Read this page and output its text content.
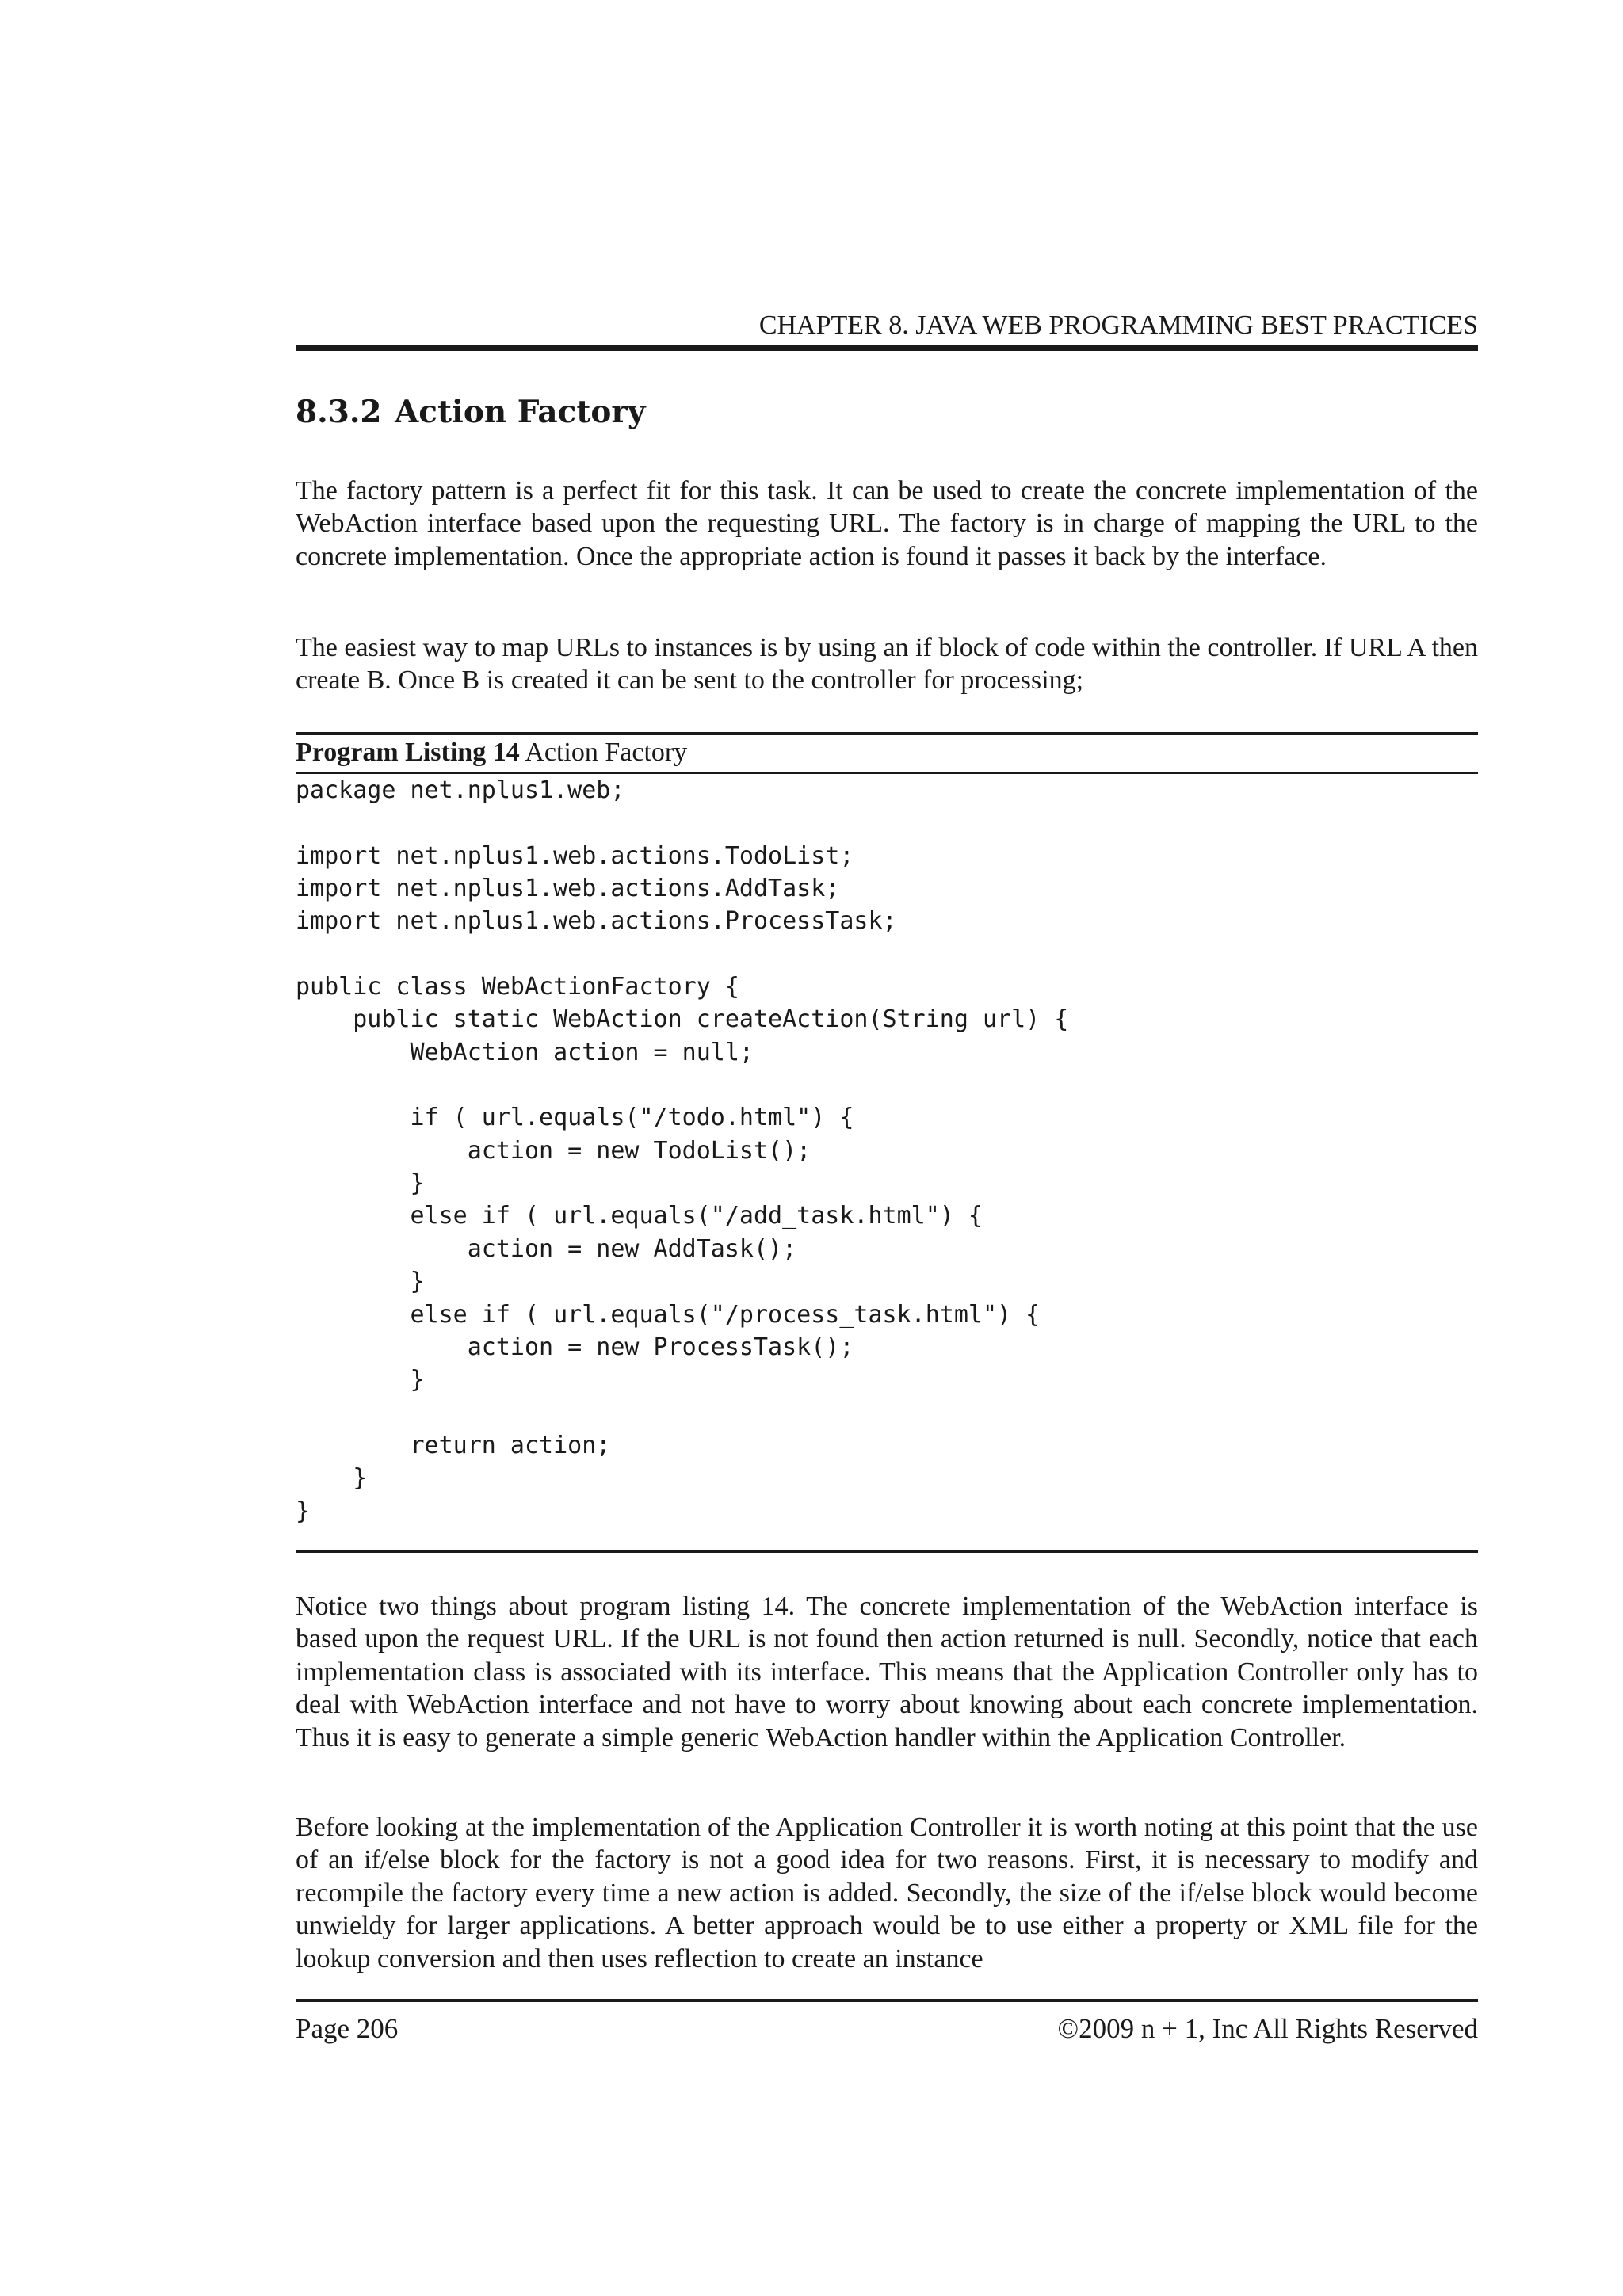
CHAPTER 8. JAVA WEB PROGRAMMING BEST PRACTICES
8.3.2 Action Factory

The factory pattern is a perfect fit for this task. It can be used to create the concrete implementation of the WebAction interface based upon the requesting URL. The factory is in charge of mapping the URL to the concrete implementation. Once the appropriate action is found it passes it back by the interface.

The easiest way to map URLs to instances is by using an if block of code within the controller. If URL A then create B. Once B is created it can be sent to the controller for processing;

Program Listing 14 Action Factory
package net.nplus1.web;
import net.nplus1.web.actions.TodoList;
import net.nplus1.web.actions.AddTask;
import net.nplus1.web.actions.ProcessTask;
public class WebActionFactory {
public static WebAction createAction(String url) {
WebAction action = null;
if ( url.equals("/todo.html") {
action = new TodoList();
}
else if ( url.equals("/add_task.html") {
action = new AddTask();
}
else if ( url.equals("/process_task.html") {
action = new ProcessTask();
}
return action;
}
}

Notice two things about program listing 14. The concrete implementation of the WebAction interface is based upon the request URL. If the URL is not found then action returned is null. Secondly, notice that each implementation class is associated with its interface. This means that the Application Controller only has to deal with WebAction interface and not have to worry about knowing about each concrete implementation. Thus it is easy to generate a simple generic WebAction handler within the Application Controller.

Before looking at the implementation of the Application Controller it is worth noting at this point that the use of an if/else block for the factory is not a good idea for two reasons. First, it is necessary to modify and recompile the factory every time a new action is added. Secondly, the size of the if/else block would become unwieldy for larger applications. A better approach would be to use either a property or XML file for the lookup conversion and then uses reflection to create an instance

Page 206	©2009 n + 1, Inc All Rights Reserved
